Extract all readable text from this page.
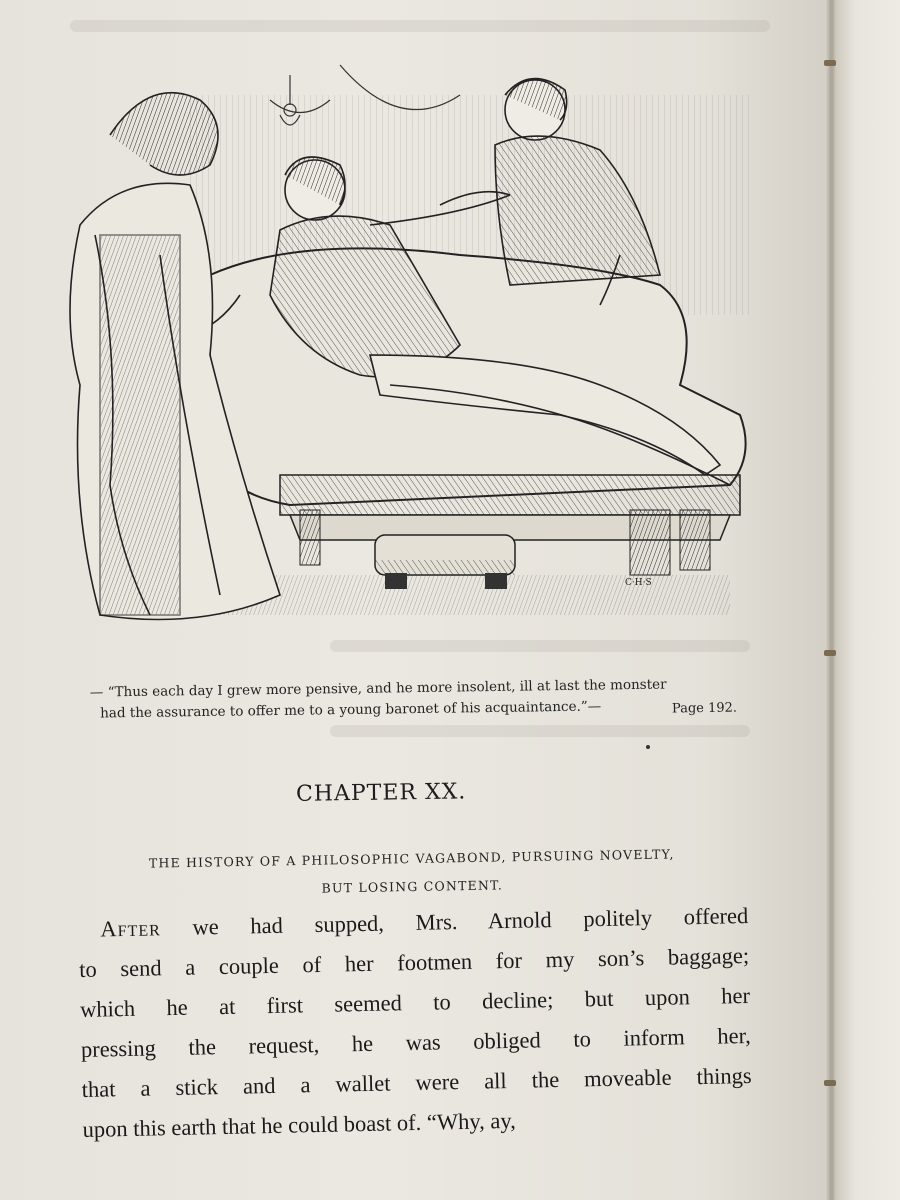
C·H·S
— “Thus each day I grew more pensive, and he more insolent, ill at last the monster
had the assurance to offer me to a young baronet of his acquaintance.”—	Page 192.
CHAPTER XX.
THE HISTORY OF A PHILOSOPHIC VAGABOND, PURSUING NOVELTY,
BUT LOSING CONTENT.

After we had supped, Mrs. Arnold politely offered

to send a couple of her footmen for my son’s baggage;

which he at first seemed to decline; but upon her

pressing the request, he was obliged to inform her,

that a stick and a wallet were all the moveable things

upon this earth that he could boast of. “Why, ay,
